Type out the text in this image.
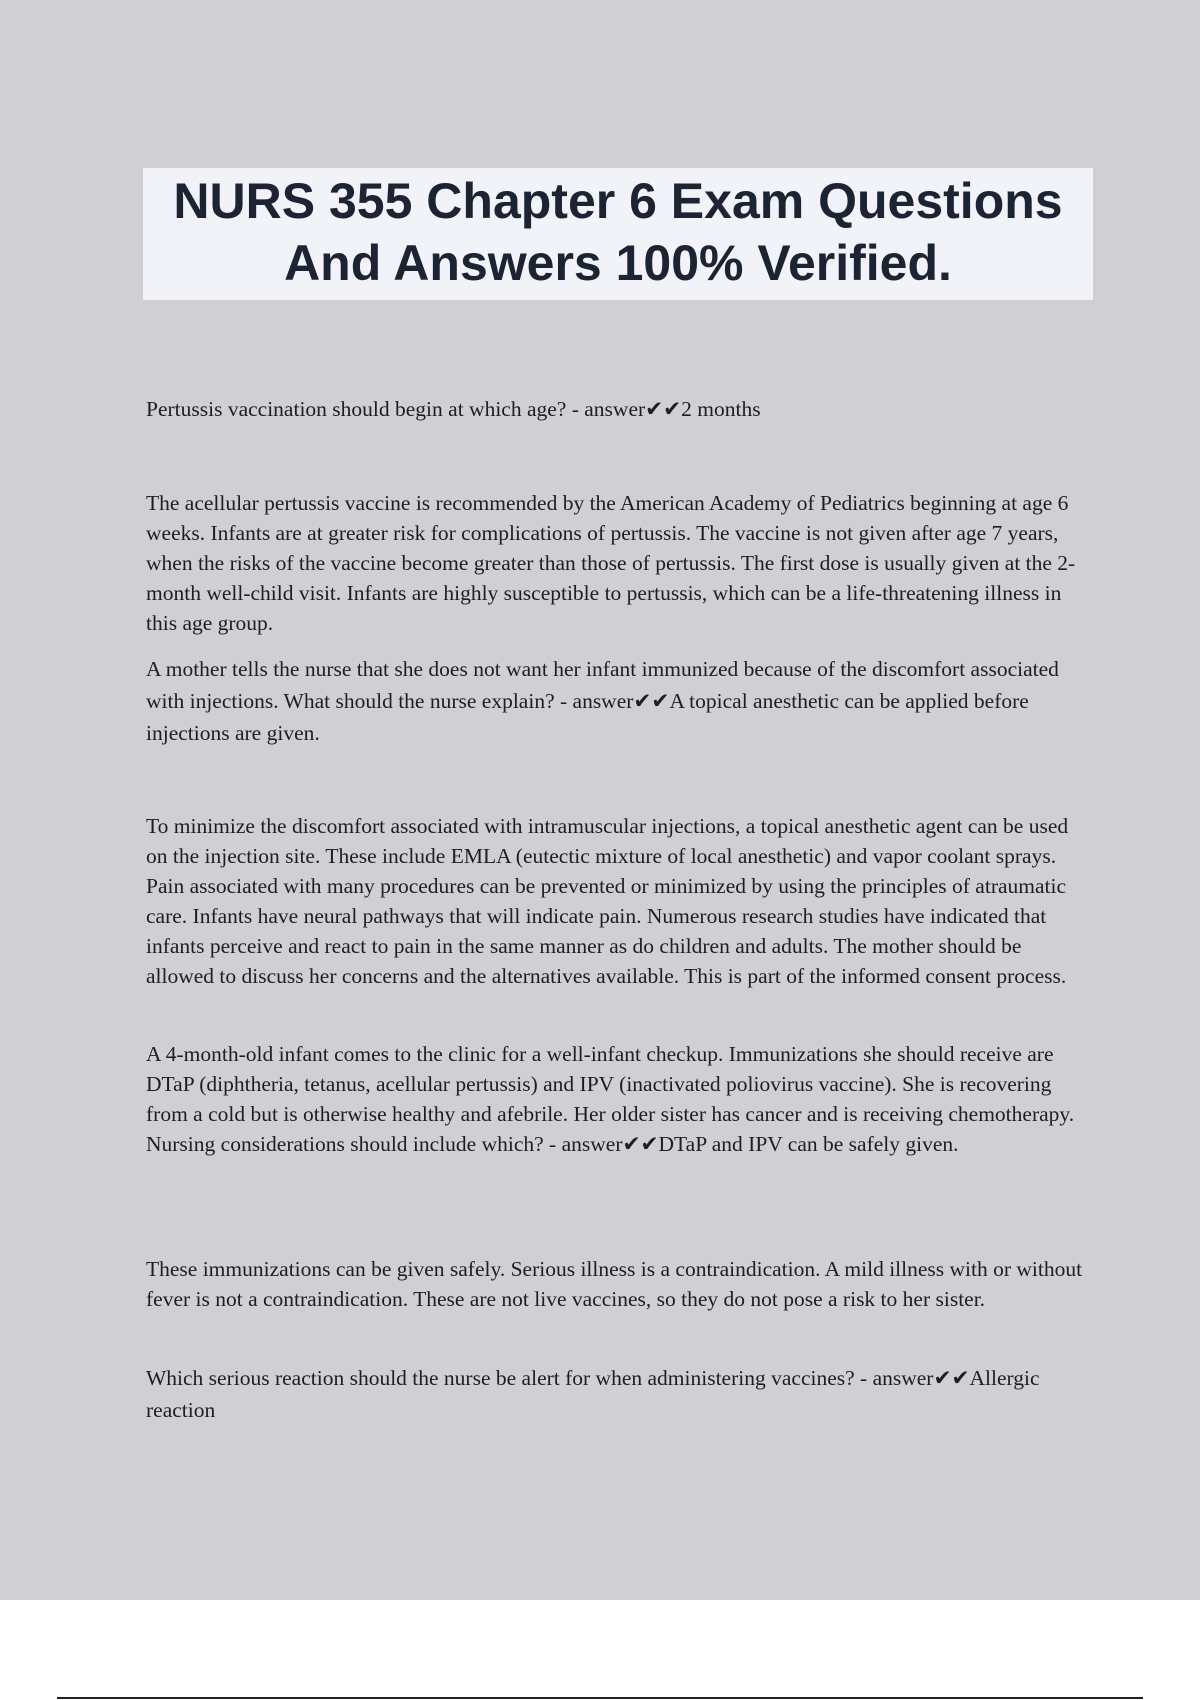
NURS 355 Chapter 6 Exam Questions
And Answers 100% Verified.

Pertussis vaccination should begin at which age? - answer✔✔2 months

The acellular pertussis vaccine is recommended by the American Academy of Pediatrics beginning at age 6 weeks. Infants are at greater risk for complications of pertussis. The vaccine is not given after age 7 years, when the risks of the vaccine become greater than those of pertussis. The first dose is usually given at the 2-month well-child visit. Infants are highly susceptible to pertussis, which can be a life-threatening illness in this age group.

A mother tells the nurse that she does not want her infant immunized because of the discomfort associated with injections. What should the nurse explain? - answer✔✔A topical anesthetic can be applied before injections are given.

To minimize the discomfort associated with intramuscular injections, a topical anesthetic agent can be used on the injection site. These include EMLA (eutectic mixture of local anesthetic) and vapor coolant sprays. Pain associated with many procedures can be prevented or minimized by using the principles of atraumatic care. Infants have neural pathways that will indicate pain. Numerous research studies have indicated that infants perceive and react to pain in the same manner as do children and adults. The mother should be allowed to discuss her concerns and the alternatives available. This is part of the informed consent process.

A 4-month-old infant comes to the clinic for a well-infant checkup. Immunizations she should receive are DTaP (diphtheria, tetanus, acellular pertussis) and IPV (inactivated poliovirus vaccine). She is recovering from a cold but is otherwise healthy and afebrile. Her older sister has cancer and is receiving chemotherapy. Nursing considerations should include which? - answer✔✔DTaP and IPV can be safely given.

These immunizations can be given safely. Serious illness is a contraindication. A mild illness with or without fever is not a contraindication. These are not live vaccines, so they do not pose a risk to her sister.

Which serious reaction should the nurse be alert for when administering vaccines? - answer✔✔Allergic reaction
